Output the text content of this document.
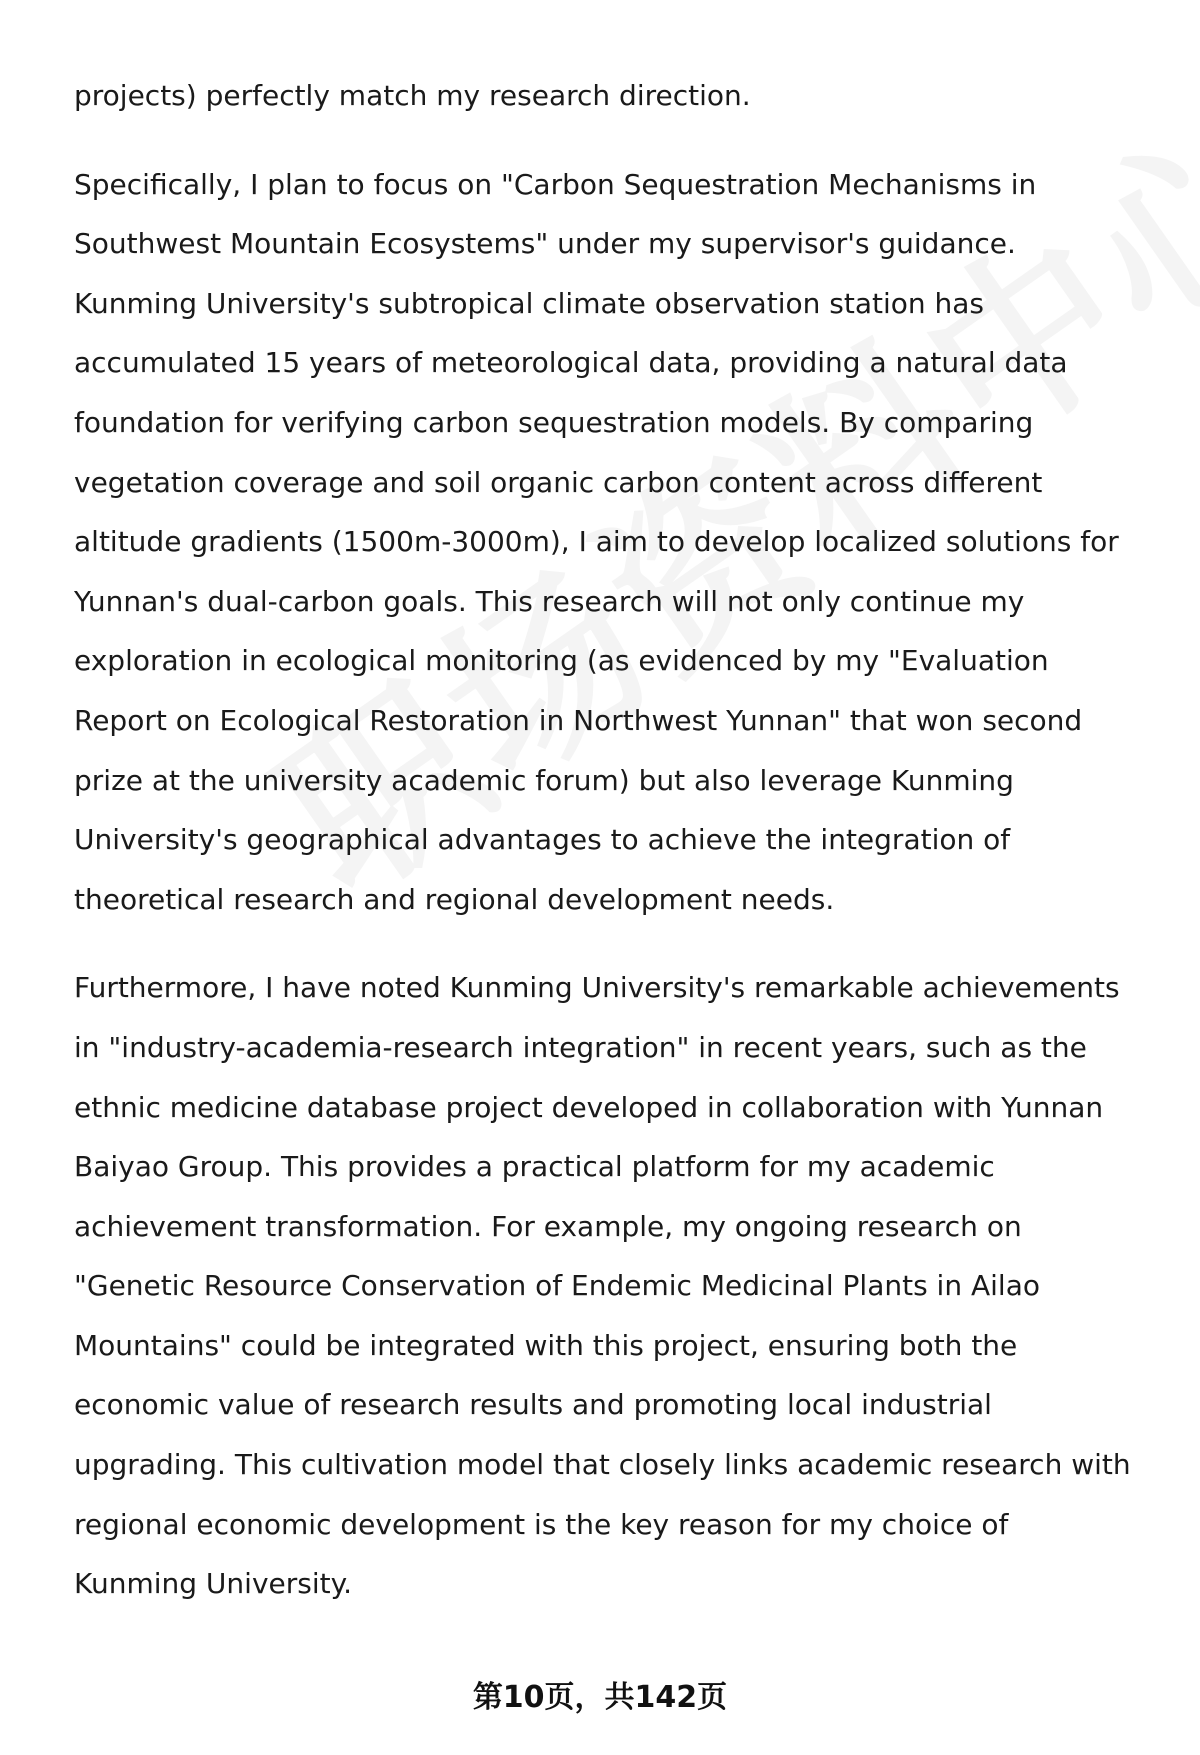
projects) perfectly match my research direction.

Specifically, I plan to focus on "Carbon Sequestration Mechanisms in
Southwest Mountain Ecosystems" under my supervisor's guidance.
Kunming University's subtropical climate observation station has
accumulated 15 years of meteorological data, providing a natural data
foundation for verifying carbon sequestration models. By comparing
vegetation coverage and soil organic carbon content across different
altitude gradients (1500m-3000m), I aim to develop localized solutions for
Yunnan's dual-carbon goals. This research will not only continue my
exploration in ecological monitoring (as evidenced by my "Evaluation
Report on Ecological Restoration in Northwest Yunnan" that won second
prize at the university academic forum) but also leverage Kunming
University's geographical advantages to achieve the integration of
theoretical research and regional development needs.

Furthermore, I have noted Kunming University's remarkable achievements
in "industry-academia-research integration" in recent years, such as the
ethnic medicine database project developed in collaboration with Yunnan
Baiyao Group. This provides a practical platform for my academic
achievement transformation. For example, my ongoing research on
"Genetic Resource Conservation of Endemic Medicinal Plants in Ailao
Mountains" could be integrated with this project, ensuring both the
economic value of research results and promoting local industrial
upgrading. This cultivation model that closely links academic research with
regional economic development is the key reason for my choice of
Kunming University.

第10页，共142页
